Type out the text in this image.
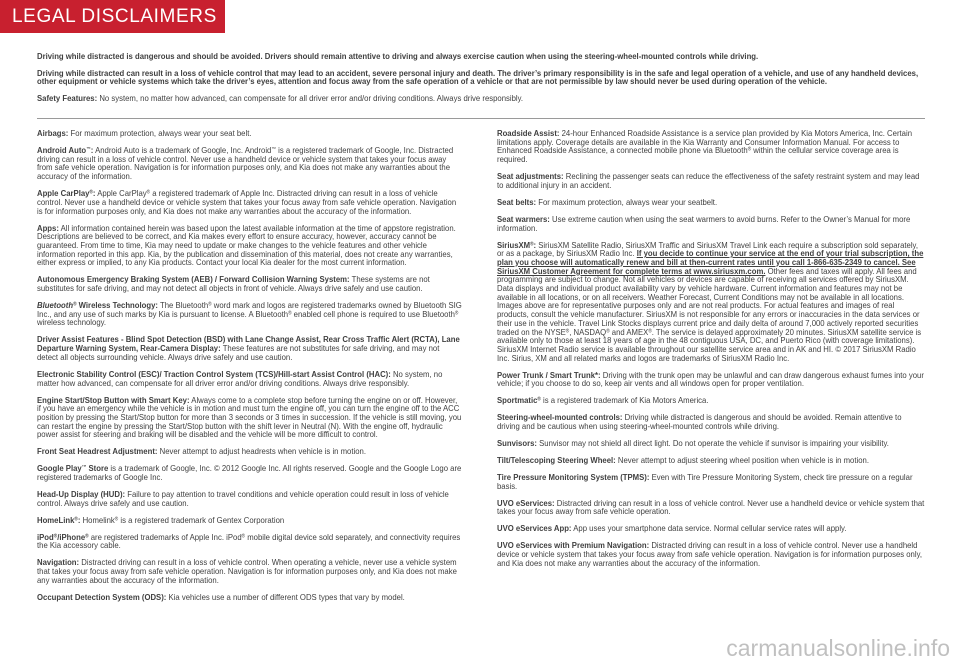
LEGAL DISCLAIMERS

Driving while distracted is dangerous and should be avoided. Drivers should remain attentive to driving and always exercise caution when using the steering-wheel-mounted controls while driving.

Driving while distracted can result in a loss of vehicle control that may lead to an accident, severe personal injury and death. The driver’s primary responsibility is in the safe and legal operation of a vehicle, and use of any handheld devices, other equipment or vehicle systems which take the driver’s eyes, attention and focus away from the safe operation of a vehicle or that are not permissible by law should never be used during operation of the vehicle.

Safety Features: No system, no matter how advanced, can compensate for all driver error and/or driving conditions. Always drive responsibly.

Airbags: For maximum protection, always wear your seat belt.

Android Auto™: Android Auto is a trademark of Google, Inc. Android™ is a registered trademark of Google, Inc. Distracted driving can result in a loss of vehicle control. Never use a handheld device or vehicle system that takes your focus away from safe vehicle operation. Navigation is for information purposes only, and Kia does not make any warranties about the accuracy of the information.

Apple CarPlay®: Apple CarPlay® a registered trademark of Apple Inc. Distracted driving can result in a loss of vehicle control. Never use a handheld device or vehicle system that takes your focus away from safe vehicle operation. Navigation is for information purposes only, and Kia does not make any warranties about the accuracy of the information.

Apps: All information contained herein was based upon the latest available information at the time of appstore registration. Descriptions are believed to be correct, and Kia makes every effort to ensure accuracy, however, accuracy cannot be guaranteed. From time to time, Kia may need to update or make changes to the vehicle features and other vehicle information reported in this app. Kia, by the publication and dissemination of this material, does not create any warranties, either express or implied, to any Kia products. Contact your local Kia dealer for the most current information.

Autonomous Emergency Braking System (AEB) / Forward Collision Warning System: These systems are not substitutes for safe driving, and may not detect all objects in front of vehicle. Always drive safely and use caution.

Bluetooth® Wireless Technology: The Bluetooth® word mark and logos are registered trademarks owned by Bluetooth SIG Inc., and any use of such marks by Kia is pursuant to license. A Bluetooth® enabled cell phone is required to use Bluetooth® wireless technology.

Driver Assist Features - Blind Spot Detection (BSD) with Lane Change Assist, Rear Cross Traffic Alert (RCTA), Lane Departure Warning System, Rear-Camera Display: These features are not substitutes for safe driving, and may not detect all objects surrounding vehicle. Always drive safely and use caution.

Electronic Stability Control (ESC)/ Traction Control System (TCS)/Hill-start Assist Control (HAC): No system, no matter how advanced, can compensate for all driver error and/or driving conditions. Always drive responsibly.

Engine Start/Stop Button with Smart Key: Always come to a complete stop before turning the engine on or off. However, if you have an emergency while the vehicle is in motion and must turn the engine off, you can turn the engine off to the ACC position by pressing the Start/Stop button for more than 3 seconds or 3 times in succession. If the vehicle is still moving, you can restart the engine by pressing the Start/Stop button with the shift lever in Neutral (N). With the engine off, hydraulic power assist for steering and braking will be disabled and the vehicle will be more difficult to control.

Front Seat Headrest Adjustment: Never attempt to adjust headrests when vehicle is in motion.

Google Play™ Store is a trademark of Google, Inc. © 2012 Google Inc. All rights reserved. Google and the Google Logo are registered trademarks of Google Inc.

Head-Up Display (HUD): Failure to pay attention to travel conditions and vehicle operation could result in loss of vehicle control. Always drive safely and use caution.

HomeLink®: Homelink® is a registered trademark of Gentex Corporation

iPod®/iPhone® are registered trademarks of Apple Inc. iPod® mobile digital device sold separately, and connectivity requires the Kia accessory cable.

Navigation: Distracted driving can result in a loss of vehicle control. When operating a vehicle, never use a vehicle system that takes your focus away from safe vehicle operation. Navigation is for information purposes only, and Kia does not make any warranties about the accuracy of the information.

Occupant Detection System (ODS): Kia vehicles use a number of different ODS types that vary by model.

Roadside Assist: 24-hour Enhanced Roadside Assistance is a service plan provided by Kia Motors America, Inc. Certain limitations apply. Coverage details are available in the Kia Warranty and Consumer Information Manual. For access to Enhanced Roadside Assistance, a connected mobile phone via Bluetooth® within the cellular service coverage area is required.

Seat adjustments: Reclining the passenger seats can reduce the effectiveness of the safety restraint system and may lead to additional injury in an accident.

Seat belts: For maximum protection, always wear your seatbelt.

Seat warmers: Use extreme caution when using the seat warmers to avoid burns. Refer to the Owner’s Manual for more information.

SiriusXM®: SiriusXM Satellite Radio, SiriusXM Traffic and SiriusXM Travel Link each require a subscription sold separately, or as a package, by SiriusXM Radio Inc. If you decide to continue your service at the end of your trial subscription, the plan you choose will automatically renew and bill at then-current rates until you call 1-866-635-2349 to cancel. See SiriusXM Customer Agreement for complete terms at www.siriusxm.com. Other fees and taxes will apply. All fees and programming are subject to change. Not all vehicles or devices are capable of receiving all services offered by SiriusXM. Data displays and individual product availability vary by vehicle hardware. Current information and features may not be available in all locations, or on all receivers. Weather Forecast, Current Conditions may not be available in all locations. Images above are for representative purposes only and are not real products. For actual features and images of real products, consult the vehicle manufacturer. SiriusXM is not responsible for any errors or inaccuracies in the data services or their use in the vehicle. Travel Link Stocks displays current price and daily delta of around 7,000 actively reported securities traded on the NYSE®, NASDAQ® and AMEX®. The service is delayed approximately 20 minutes. SiriusXM satellite service is available only to those at least 18 years of age in the 48 contiguous USA, DC, and Puerto Rico (with coverage limitations). SiriusXM Internet Radio service is available throughout our satellite service area and in AK and HI. © 2017 SiriusXM Radio Inc. Sirius, XM and all related marks and logos are trademarks of SiriusXM Radio Inc.

Power Trunk / Smart Trunk*: Driving with the trunk open may be unlawful and can draw dangerous exhaust fumes into your vehicle; if you choose to do so, keep air vents and all windows open for proper ventilation.

Sportmatic® is a registered trademark of Kia Motors America.

Steering-wheel-mounted controls: Driving while distracted is dangerous and should be avoided. Remain attentive to driving and be cautious when using steering-wheel-mounted controls while driving.

Sunvisors: Sunvisor may not shield all direct light. Do not operate the vehicle if sunvisor is impairing your visibility.

Tilt/Telescoping Steering Wheel: Never attempt to adjust steering wheel position when vehicle is in motion.

Tire Pressure Monitoring System (TPMS): Even with Tire Pressure Monitoring System, check tire pressure on a regular basis.

UVO eServices: Distracted driving can result in a loss of vehicle control. Never use a handheld device or vehicle system that takes your focus away from safe vehicle operation.

UVO eServices App: App uses your smartphone data service. Normal cellular service rates will apply.

UVO eServices with Premium Navigation: Distracted driving can result in a loss of vehicle control. Never use a handheld device or vehicle system that takes your focus away from safe vehicle operation. Navigation is for information purposes only, and Kia does not make any warranties about the accuracy of the information.

carmanualsonline.info
